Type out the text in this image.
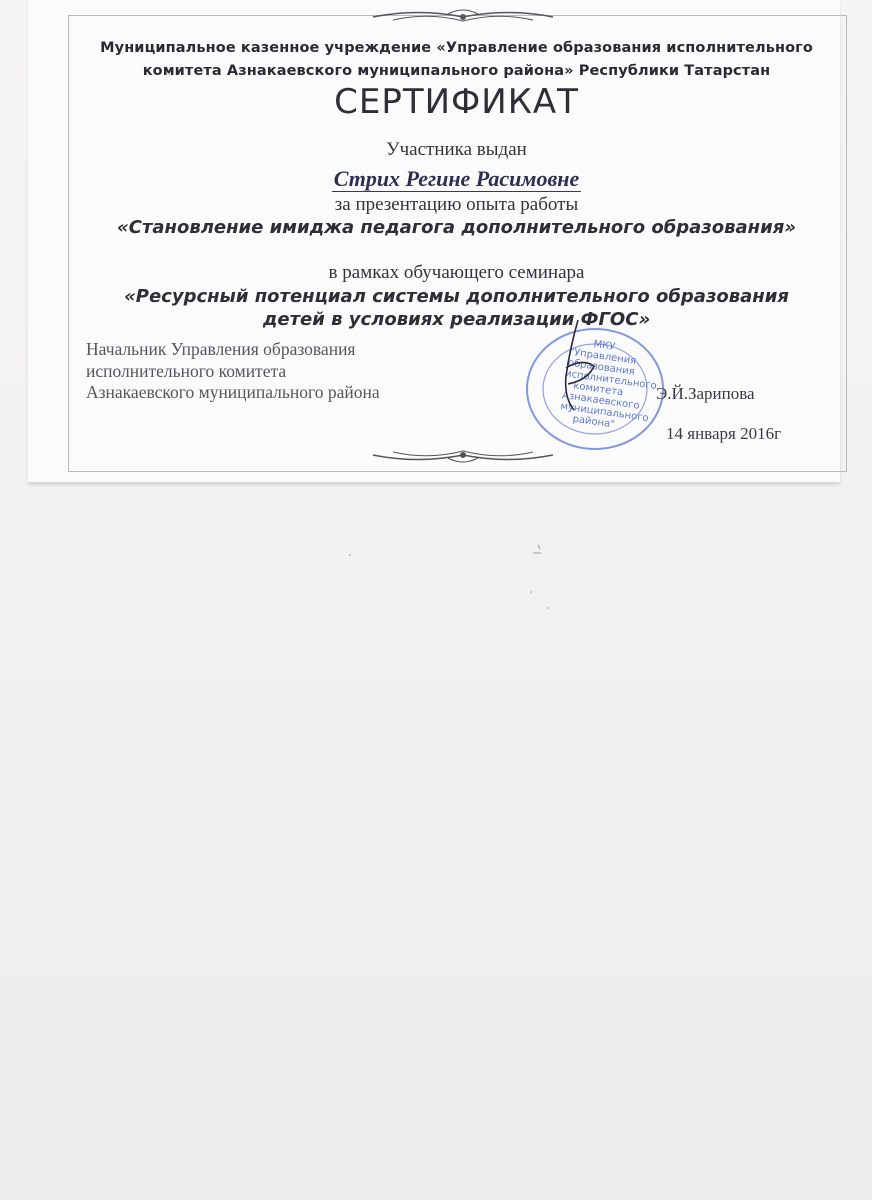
Муниципальное казенное учреждение «Управление образования исполнительного
комитета Азнакаевского муниципального района» Республики Татарстан
СЕРТИФИКАТ
Участника выдан
Стрих Регине Расимовне
за презентацию опыта работы
«Становление имиджа педагога дополнительного образования»
в рамках обучающего семинара
«Ресурсный потенциал системы дополнительного образования
детей в условиях реализации ФГОС»
Начальник Управления образования
исполнительного комитета
Азнакаевского муниципального района
МКУ "Управления образования исполнительного комитета Азнакаевского муниципального района"
Э.Й.Зарипова
14 января 2016г
